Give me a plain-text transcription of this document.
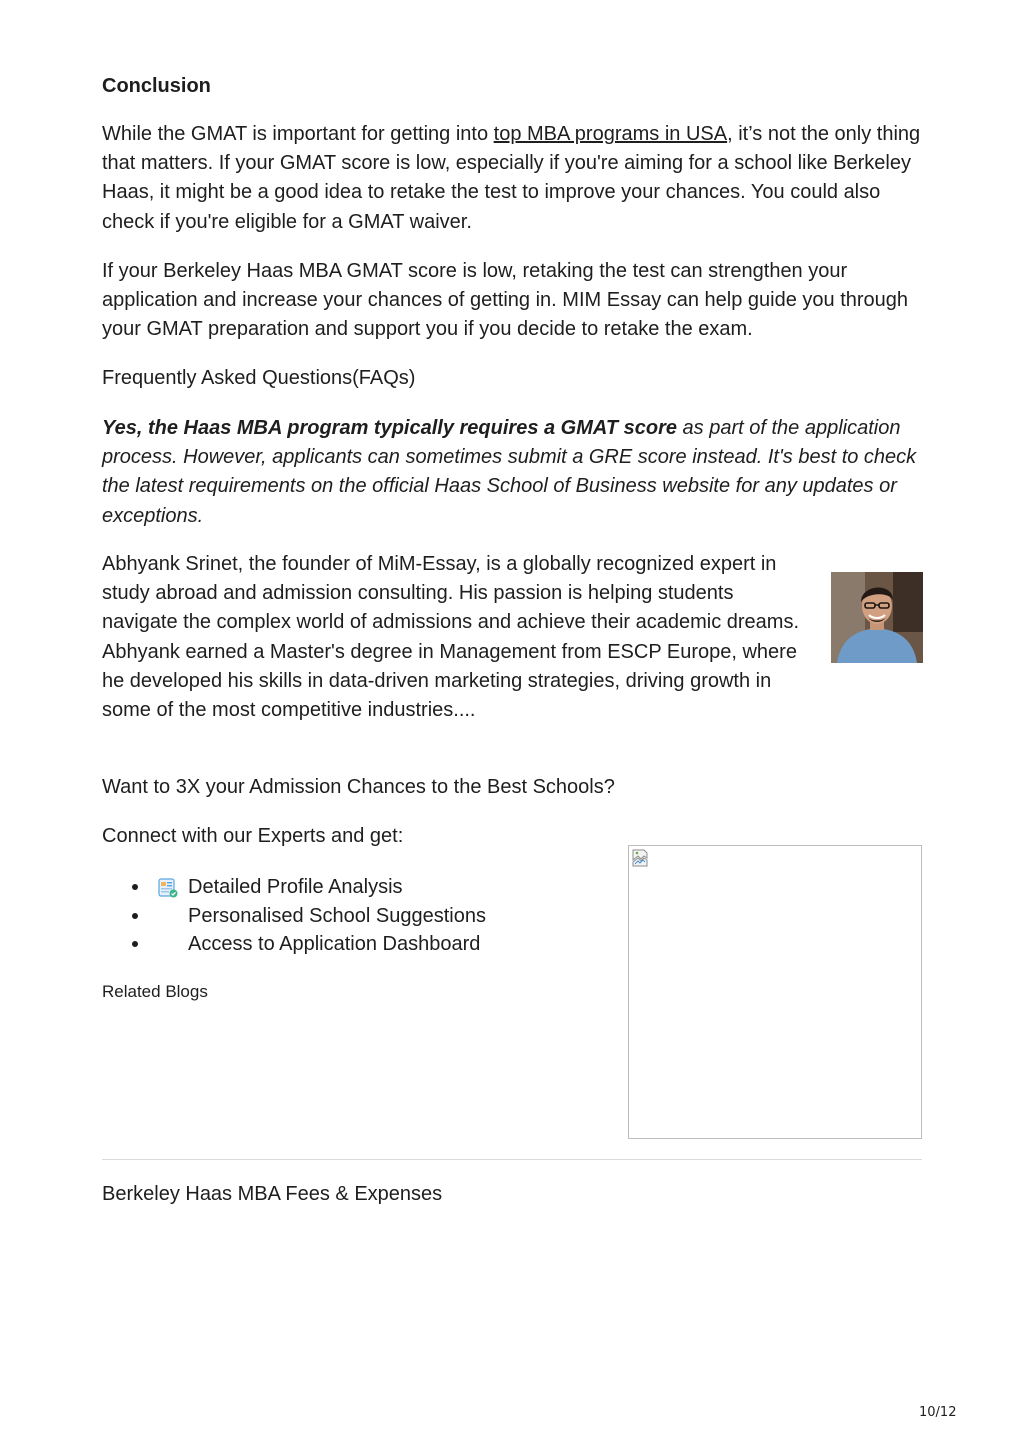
Conclusion

While the GMAT is important for getting into top MBA programs in USA, it’s not the only thing that matters. If your GMAT score is low, especially if you're aiming for a school like Berkeley Haas, it might be a good idea to retake the test to improve your chances. You could also check if you're eligible for a GMAT waiver.

If your Berkeley Haas MBA GMAT score is low, retaking the test can strengthen your application and increase your chances of getting in. MIM Essay can help guide you through your GMAT preparation and support you if you decide to retake the exam.

Frequently Asked Questions(FAQs)

Yes, the Haas MBA program typically requires a GMAT score as part of the application process. However, applicants can sometimes submit a GRE score instead. It's best to check the latest requirements on the official Haas School of Business website for any updates or exceptions.

Abhyank Srinet, the founder of MiM-Essay, is a globally recognized expert in study abroad and admission consulting. His passion is helping students navigate the complex world of admissions and achieve their academic dreams. Abhyank earned a Master's degree in Management from ESCP Europe, where he developed his skills in data-driven marketing strategies, driving growth in some of the most competitive industries....

Want to 3X your Admission Chances to the Best Schools?

Connect with our Experts and get:

Detailed Profile Analysis
Personalised School Suggestions
Access to Application Dashboard

Related Blogs

Berkeley Haas MBA Fees & Expenses

10/12
